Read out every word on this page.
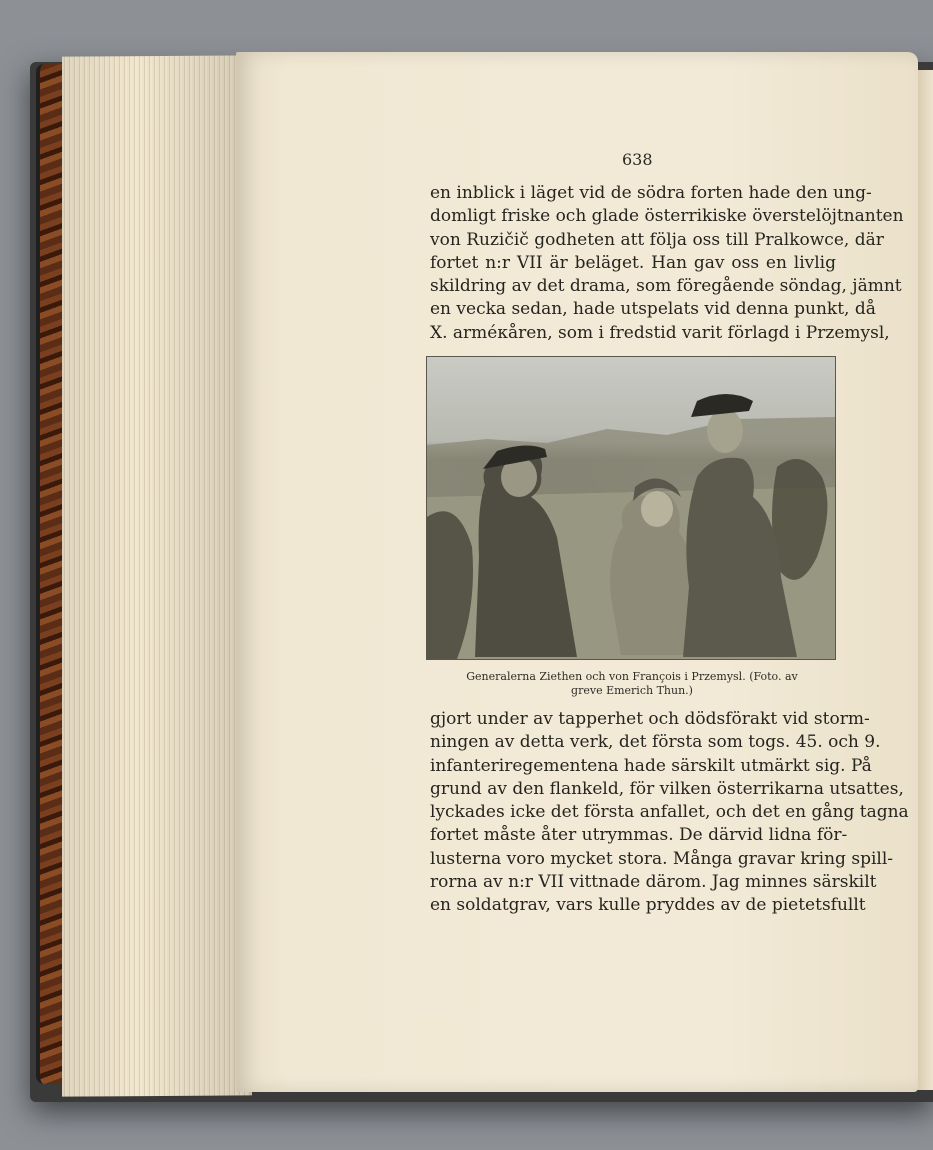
638
en inblick i läget vid de södra forten hade den ung-
domligt friske och glade österrikiske överstelöjtnanten
von Ruzičič godheten att följa oss till Pralkowce, där
fortet n:r VII är beläget. Han gav oss en livlig
skildring av det drama, som föregående söndag, jämnt
en vecka sedan, hade utspelats vid denna punkt, då
X. arméкåren, som i fredstid varit förlagd i Przemysl,
Generalerna Ziethen och von François i Przemysl. (Foto. av
greve Emerich Thun.)
gjort under av tapperhet och dödsförakt vid storm-
ningen av detta verk, det första som togs. 45. och 9.
infanteriregementena hade särskilt utmärkt sig. På
grund av den flankeld, för vilken österrikarna utsattes,
lyckades icke det första anfallet, och det en gång tagna
fortet måste åter utrymmas. De därvid lidna för-
lusterna voro mycket stora. Många gravar kring spill-
rorna av n:r VII vittnade därom. Jag minnes särskilt
en soldatgrav, vars kulle pryddes av de pietetsfullt
